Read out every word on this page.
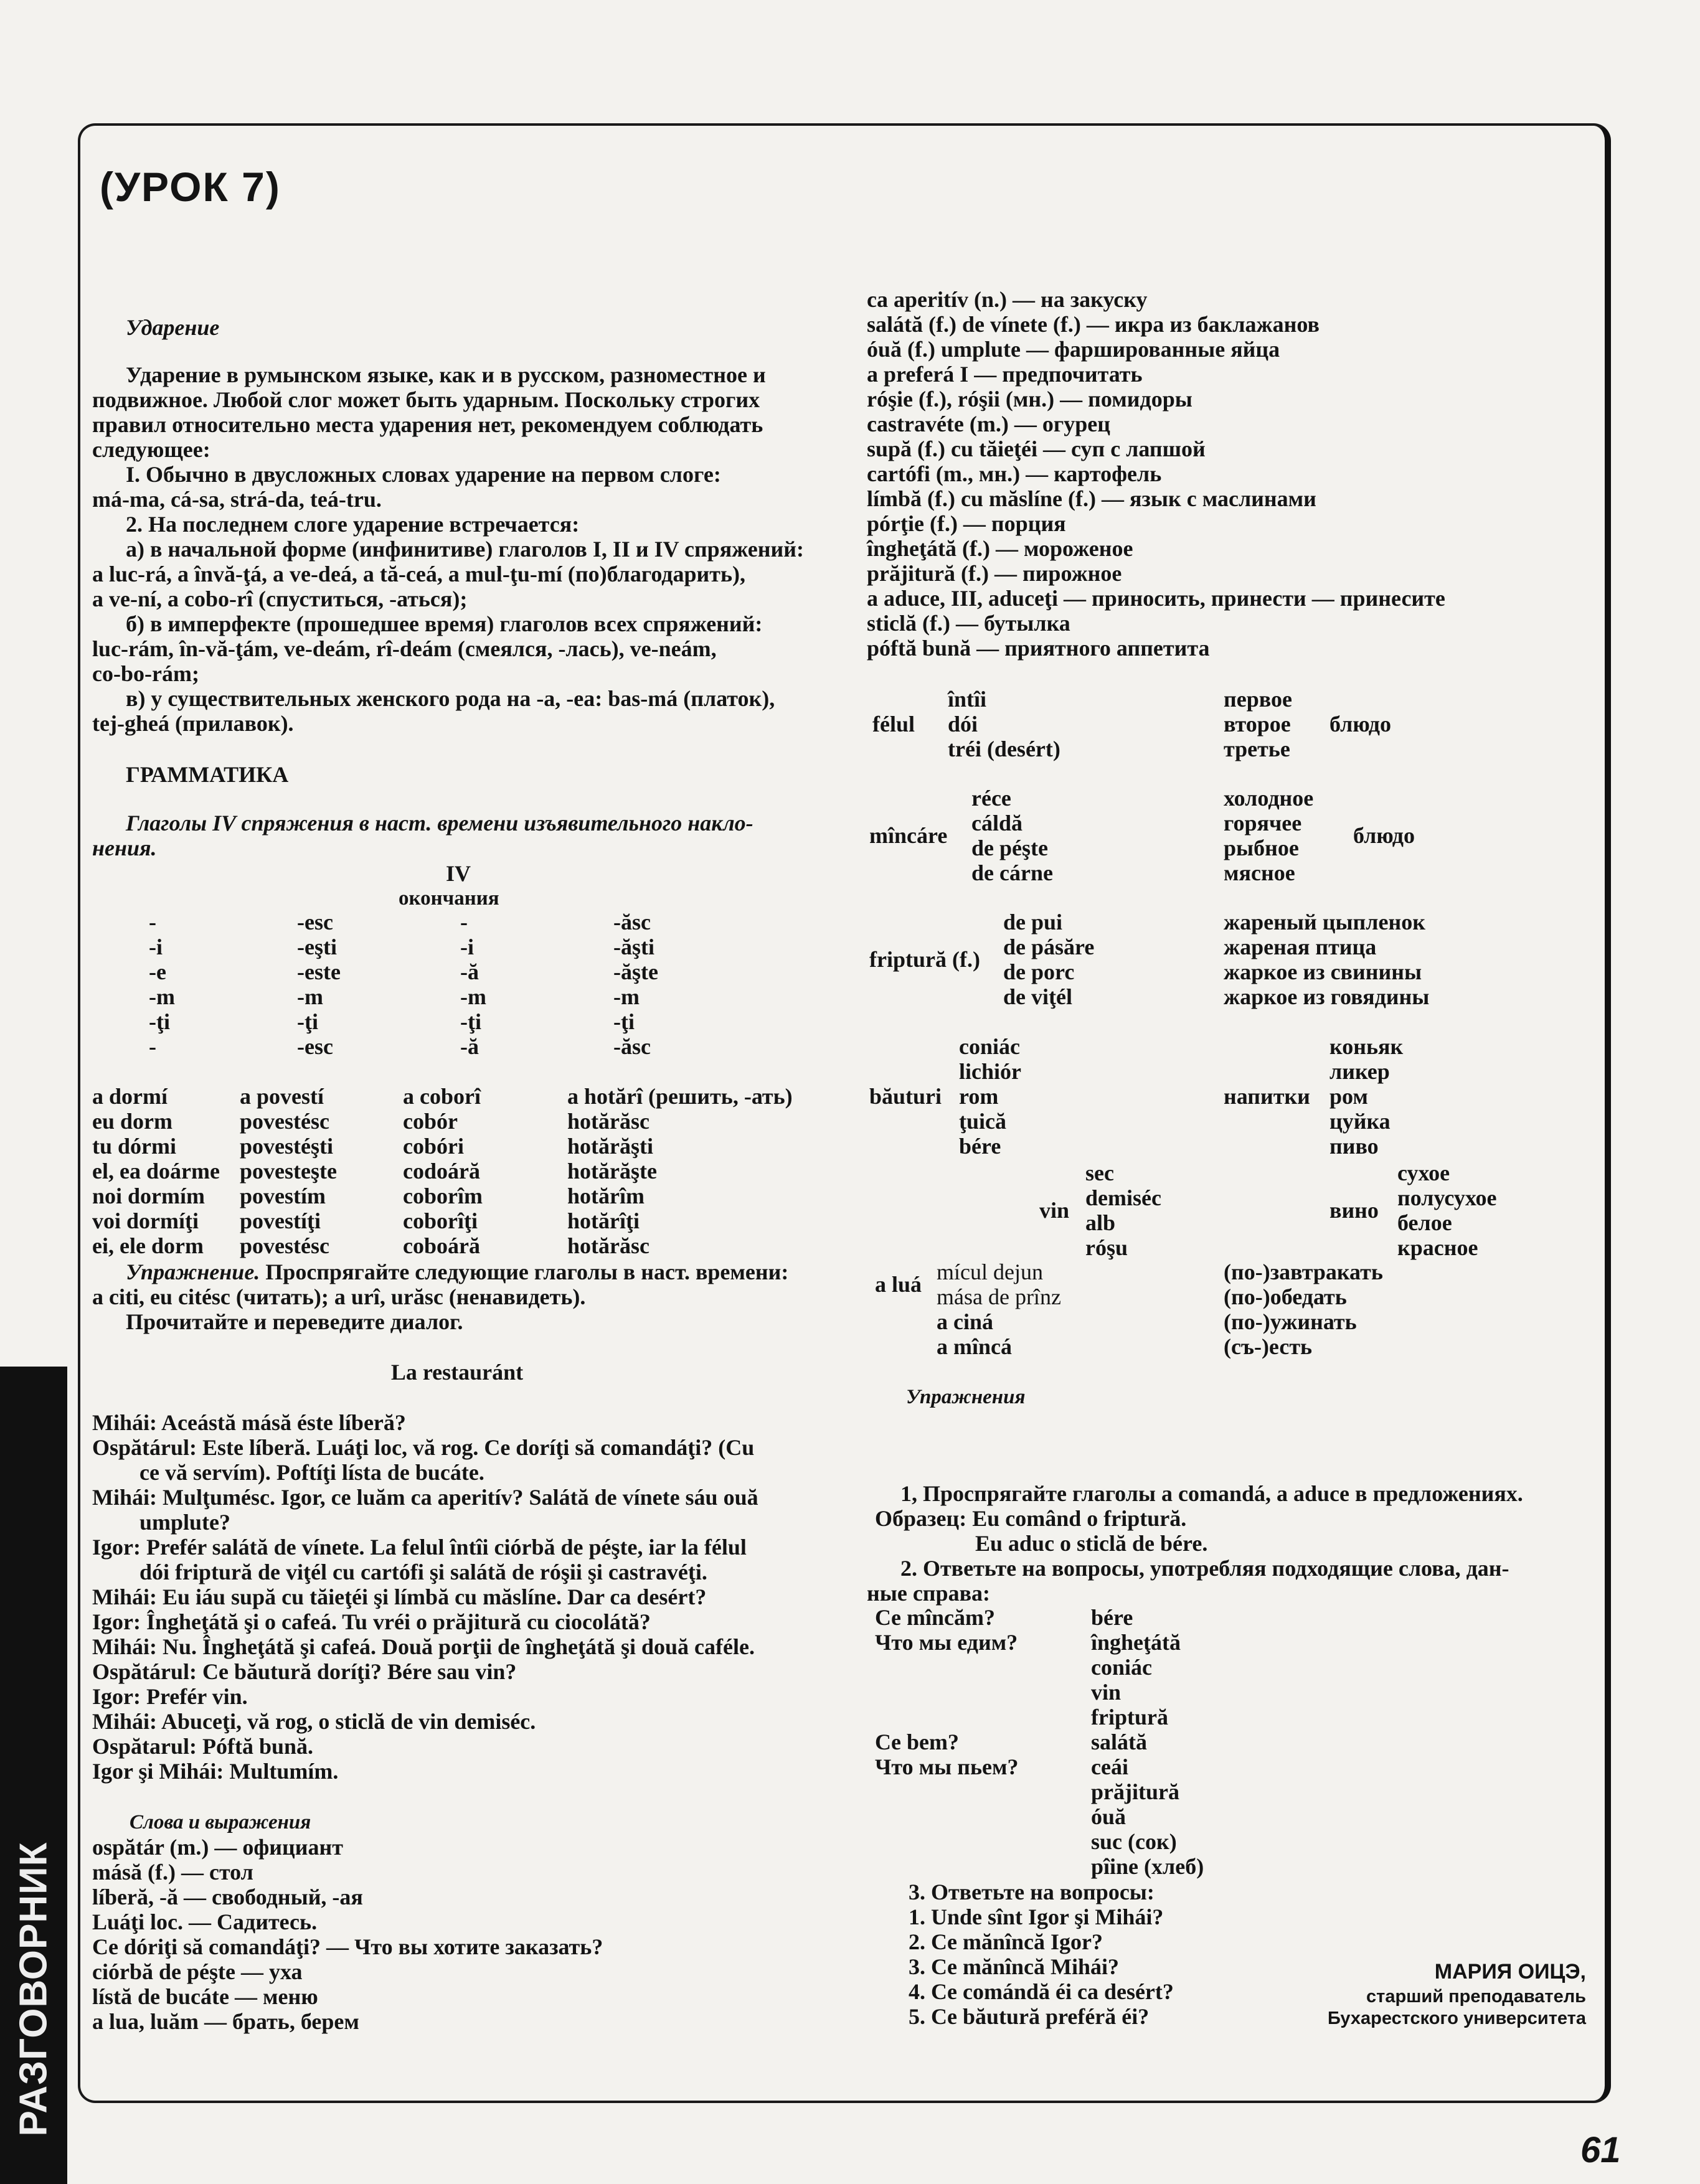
РАЗГОВОРНИК
(УРОК 7)
Ударение
Ударение в румынском языке, как и в русском, разноместное и
подвижное. Любой слог может быть ударным. Поскольку строгих
правил относительно места ударения нет, рекомендуем соблюдать
следующее:
I. Обычно в двусложных словах ударение на первом слоге:
má-ma, cá-sa, strá-da, teá-tru.
2. На последнем слоге ударение встречается:
а) в начальной форме (инфинитиве) глаголов I, II и IV спряжений:
a luc-rá, a învă-ţá, a ve-deá, a tă-ceá, a mul-ţu-mí (по)благодарить),
a ve-ní, a cobo-rî (спуститься, -аться);
б) в имперфекте (прошедшее время) глаголов всех спряжений:
luc-rám, în-vă-ţám, ve-deám, rî-deám (смеялся, -лась), ve-neám,
co-bo-rám;
в) у существительных женского рода на -а, -еа: bas-má (платок),
tej-gheá (прилавок).
ГРАММАТИКА
Глаголы IV спряжения в наст. времени изъявительного накло-
нения.
IV
окончания
-
-i
-e
-m
-ţi
-
-esc
-eşti
-este
-m
-ţi
-esc
-
-i
-ă
-m
-ţi
-ă
-ăsc
-ăşti
-ăşte
-m
-ţi
-ăsc
a dormí
eu dorm
tu dórmi
el, ea doárme
noi dormím
voi dormíţi
ei, ele dorm
a povestí
povestésc
povestéşti
povesteşte
povestím
povestíţi
povestésc
a coborî
cobór
cobóri
codoáră
coborîm
coborîţi
coboáră
a hotărî (решить, -ать)
hotărăsc
hotărăşti
hotărăşte
hotărîm
hotărîţi
hotărăsc
Упражнение. Проспрягайте следующие глаголы в наст. времени:
a citi, eu citésc (читать); a urî, urăsc (ненавидеть).
Прочитайте и переведите диалог.
La restauránt
Mihái: Aceástă másă éste líberă?
Ospătárul: Este líberă. Luáţi loc, vă rog. Ce doríţi să comandáţi? (Cu
ce vă servím). Poftíţi lísta de bucáte.
Mihái: Mulţumésc. Igor, ce luăm ca aperitív? Salátă de vínete sáu ouă
umplute?
Igor: Prefér salátă de vínete. La felul întîi ciórbă de péşte, iar la félul
dói friptură de viţél cu cartófi şi salátă de róşii şi castravéţi.
Mihái: Eu iáu supă cu tăieţéi şi límbă cu măslíne. Dar ca desért?
Igor: Îngheţátă şi o cafeá. Tu vréi o prăjitură cu ciocolátă?
Mihái: Nu. Îngheţátă şi cafeá. Două porţii de îngheţátă şi două caféle.
Ospătárul: Ce băutură doríţi? Bére sau vin?
Igor: Prefér vin.
Mihái: Abuceţi, vă rog, o sticlă de vin demiséc.
Ospătarul: Póftă bună.
Igor şi Mihái: Multumím.
Слова и выражения
ospătár (m.) — официант
másă (f.) — стол
líberă, -ă — свободный, -ая
Luáţi loc. — Садитесь.
Ce dóriţi să comandáţi? — Что вы хотите заказать?
ciórbă de péşte — уха
lístă de bucáte — меню
a lua, luăm — брать, берем
ca aperitív (n.) — на закуску
salátă (f.) de vínete (f.) — икра из баклажанов
óuă (f.) umplute — фаршированные яйца
a preferá I — предпочитать
róşie (f.), róşii (мн.) — помидоры
castravéte (m.) — огурец
supă (f.) cu tăieţéi — суп с лапшой
cartófi (m., мн.) — картофель
límbă (f.) cu măslíne (f.) — язык с маслинами
pórţie (f.) — порция
îngheţátă (f.) — мороженое
prăjitură (f.) — пирожное
a aduce, III, aduceţi — приносить, принести — принесите
sticlă (f.) — бутылка
póftă bună — приятного аппетита
félul
întîi
dói
tréi (desért)
первое
второе
третье
блюдо
mîncáre
réce
cáldă
de péşte
de cárne
холодное
горячее
рыбное
мясное
блюдо
friptură (f.)
de pui
de pásăre
de porc
de viţél
жареный цыпленок
жареная птица
жаркое из свинины
жаркое из говядины
băuturi
coniác
lichiór
rom
ţuică
bére
напитки
коньяк
ликер
ром
цуйка
пиво
vin
sec
demiséc
alb
róşu
вино
сухое
полусухое
белое
красное
a luá mícul dejun
mása de prînz
a ciná
a mîncá
(по-)завтракать
(по-)обедать
(по-)ужинать
(съ-)есть
Упражнения
1, Проспрягайте глаголы a comandá, a aduce в предложениях.
Образец: Eu comând o friptură.
Eu aduc o sticlă de bére.
2. Ответьте на вопросы, употребляя подходящие слова, дан-
ные справа:
Ce mîncăm?
Что мы едим?
Ce bem?
Что мы пьем?
bére
îngheţátă
coniác
vin
friptură
salátă
ceái
prăjitură
óuă
suc (сок)
pîine (хлеб)
3. Ответьте на вопросы:
1. Unde sînt Igor şi Mihái?
2. Ce mănîncă Igor?
3. Ce mănîncă Mihái?
4. Ce comándă éi ca desért?
5. Ce băutură preféră éi?
МАРИЯ ОИЦЭ,
старший преподаватель
Бухарестского университета
61
